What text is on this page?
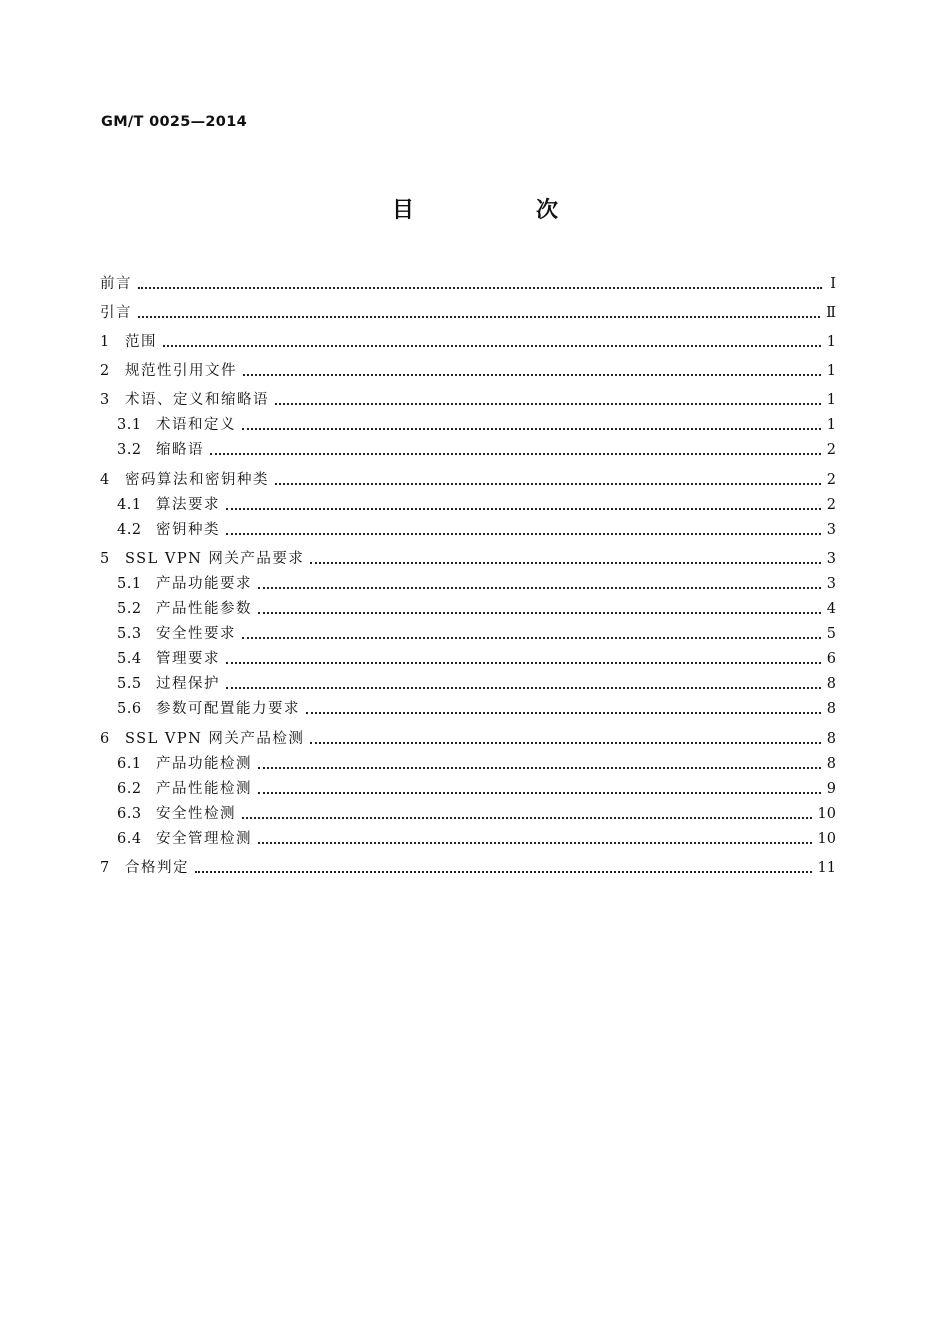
GM/T 0025—2014
目　次
前言	Ⅰ
引言	Ⅱ
1	范围	1
2	规范性引用文件	1
3	术语、定义和缩略语	1
3.1 术语和定义	1
3.2 缩略语	2
4	密码算法和密钥种类	2
4.1 算法要求	2
4.2 密钥种类	3
5	SSL VPN 网关产品要求	3
5.1 产品功能要求	3
5.2 产品性能参数	4
5.3 安全性要求	5
5.4 管理要求	6
5.5 过程保护	8
5.6 参数可配置能力要求	8
6	SSL VPN 网关产品检测	8
6.1 产品功能检测	8
6.2 产品性能检测	9
6.3 安全性检测	10
6.4 安全管理检测	10
7	合格判定	11
